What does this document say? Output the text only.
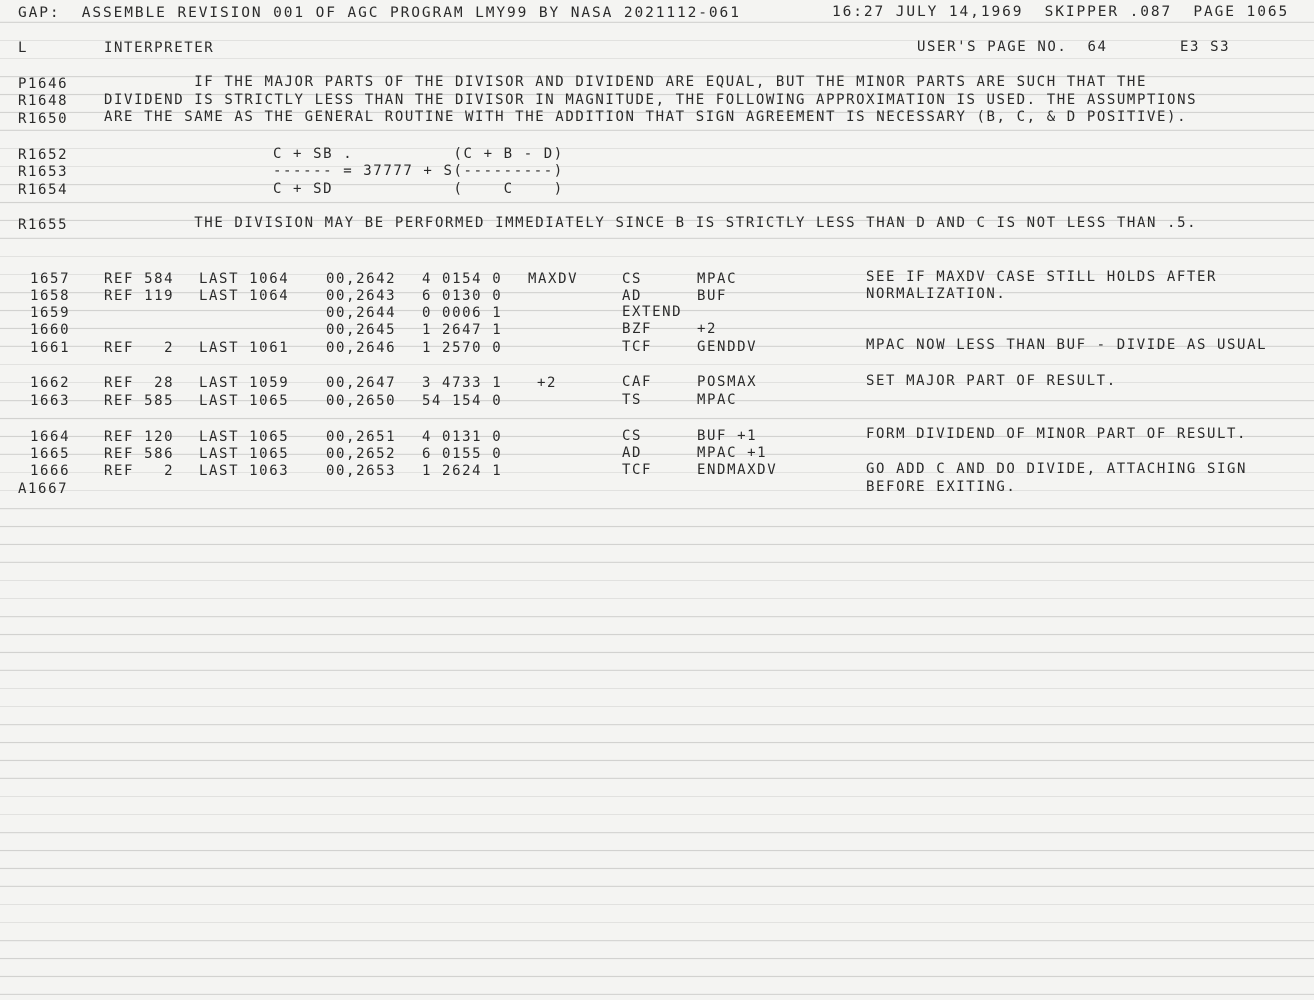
GAP:  ASSEMBLE REVISION 001 OF AGC PROGRAM LMY99 BY NASA 2021112-061	16:27 JULY 14,1969  SKIPPER .087  PAGE 1065
L	INTERPRETER	USER'S PAGE NO.  64	E3 S3
P1646	IF THE MAJOR PARTS OF THE DIVISOR AND DIVIDEND ARE EQUAL, BUT THE MINOR PARTS ARE SUCH THAT THE
R1648	DIVIDEND IS STRICTLY LESS THAN THE DIVISOR IN MAGNITUDE, THE FOLLOWING APPROXIMATION IS USED. THE ASSUMPTIONS
R1650	ARE THE SAME AS THE GENERAL ROUTINE WITH THE ADDITION THAT SIGN AGREEMENT IS NECESSARY (B, C, & D POSITIVE).
R1652	C + SB .          (C + B - D)
R1653	------ = 37777 + S(---------)
R1654	C + SD            (    C    )
R1655	THE DIVISION MAY BE PERFORMED IMMEDIATELY SINCE B IS STRICTLY LESS THAN D AND C IS NOT LESS THAN .5.
1657 REF 584 LAST 1064	00,2642 4 0154 0 MAXDV	CS	MPAC	SEE IF MAXDV CASE STILL HOLDS AFTER
1658 REF 119 LAST 1064	00,2643 6 0130 0	AD	BUF	NORMALIZATION.
1659	00,2644 0 0006 1	EXTEND
1660	00,2645 1 2647 1	BZF	+2
1661 REF   2 LAST 1061	00,2646 1 2570 0	TCF	GENDDV	MPAC NOW LESS THAN BUF - DIVIDE AS USUAL
1662 REF  28 LAST 1059	00,2647 3 4733 1 +2	CAF	POSMAX	SET MAJOR PART OF RESULT.
1663 REF 585 LAST 1065	00,2650 54 154 0	TS	MPAC
1664 REF 120 LAST 1065	00,2651 4 0131 0	CS	BUF +1	FORM DIVIDEND OF MINOR PART OF RESULT.
1665 REF 586 LAST 1065	00,2652 6 0155 0	AD	MPAC +1
1666 REF   2 LAST 1063	00,2653 1 2624 1	TCF	ENDMAXDV	GO ADD C AND DO DIVIDE, ATTACHING SIGN
A1667	BEFORE EXITING.
